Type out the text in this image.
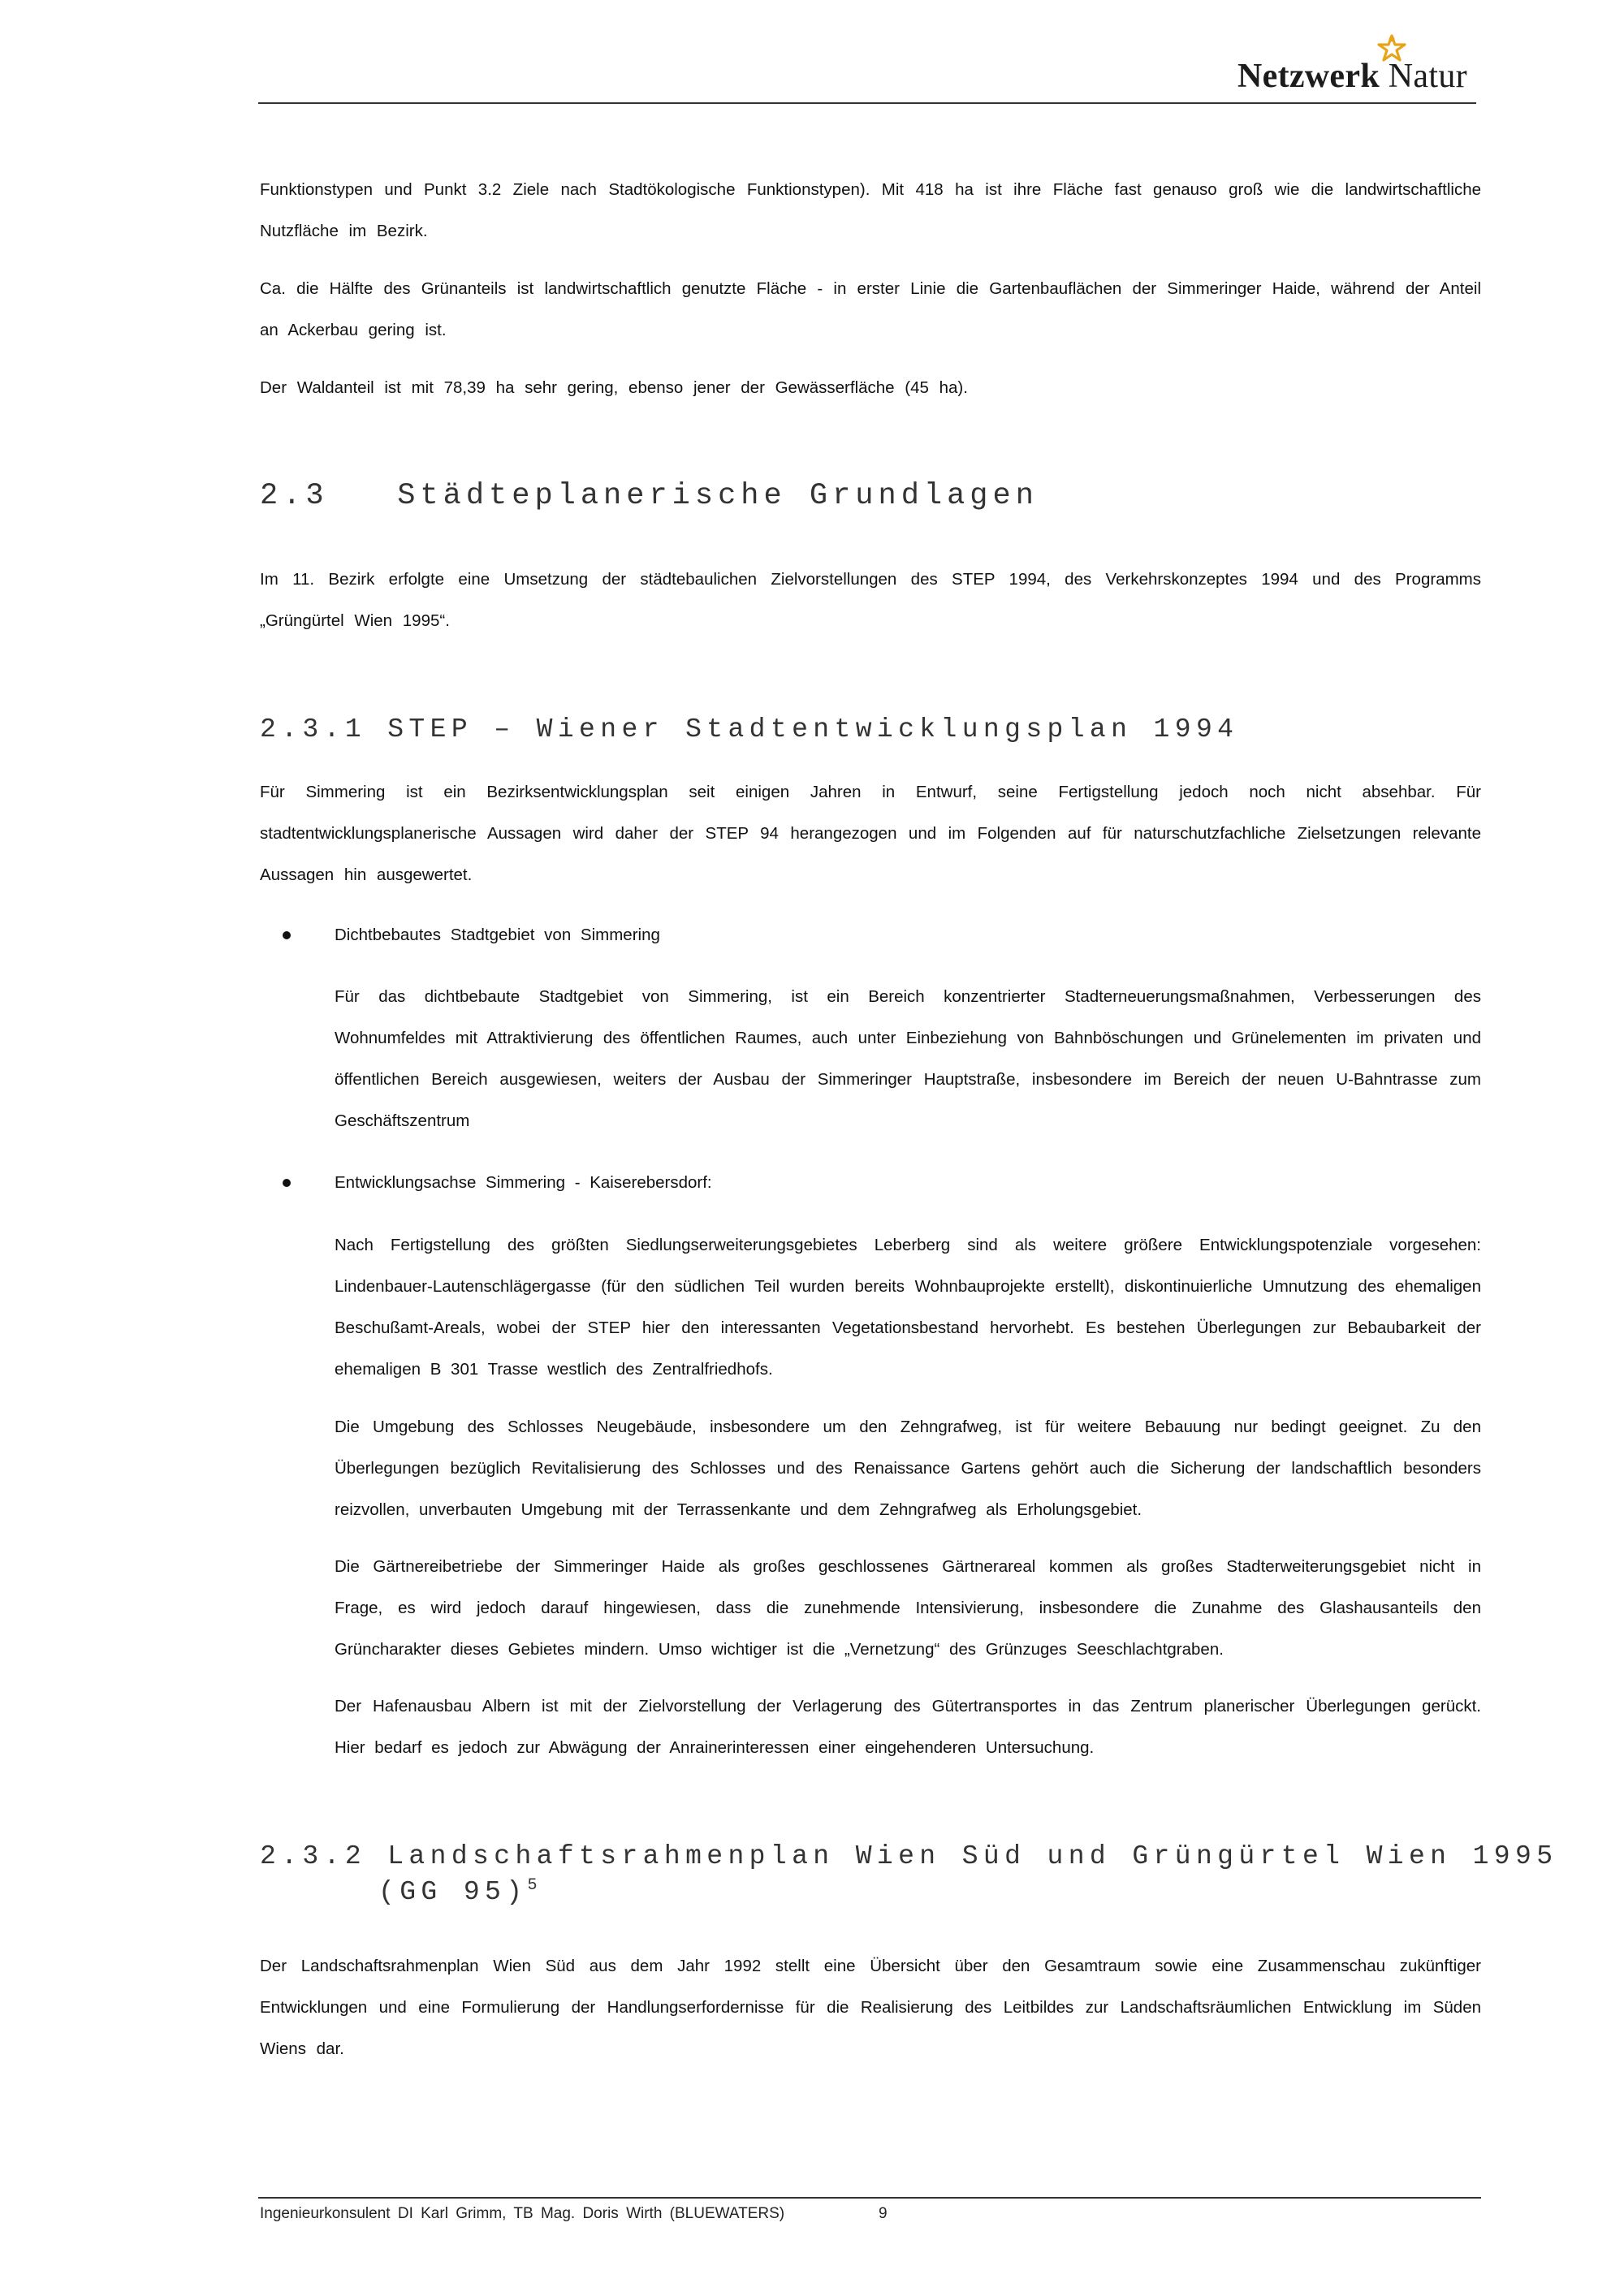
Netzwerk Natur
Funktionstypen und Punkt 3.2 Ziele nach Stadtökologische Funktionstypen). Mit 418 ha ist ihre Fläche fast genauso groß wie die landwirtschaftliche Nutzfläche im Bezirk.
Ca. die Hälfte des Grünanteils ist landwirtschaftlich genutzte Fläche - in erster Linie die Gartenbauflächen der Simmeringer Haide, während der Anteil an Ackerbau gering ist.
Der Waldanteil ist mit 78,39 ha sehr gering, ebenso jener der Gewässerfläche (45 ha).
2.3   Städteplanerische Grundlagen
Im 11. Bezirk erfolgte eine Umsetzung der städtebaulichen Zielvorstellungen des STEP 1994, des Verkehrskonzeptes 1994 und des Programms „Grüngürtel Wien 1995“.
2.3.1 STEP – Wiener Stadtentwicklungsplan 1994
Für Simmering ist ein Bezirksentwicklungsplan seit einigen Jahren in Entwurf, seine Fertigstellung jedoch noch nicht absehbar. Für stadtentwicklungsplanerische Aussagen wird daher der STEP 94 herangezogen und im Folgenden auf für naturschutzfachliche Zielsetzungen relevante Aussagen hin ausgewertet.
Dichtbebautes Stadtgebiet von Simmering
Für das dichtbebaute Stadtgebiet von Simmering, ist ein Bereich konzentrierter Stadterneuerungsmaßnahmen, Verbesserungen des Wohnumfeldes mit Attraktivierung des öffentlichen Raumes, auch unter Einbeziehung von Bahnböschungen und Grünelementen im privaten und öffentlichen Bereich ausgewiesen, weiters der Ausbau der Simmeringer Hauptstraße, insbesondere im Bereich der neuen U-Bahntrasse zum Geschäftszentrum
Entwicklungsachse Simmering - Kaiserebersdorf:
Nach Fertigstellung des größten Siedlungserweiterungsgebietes Leberberg sind als weitere größere Entwicklungspotenziale vorgesehen: Lindenbauer-Lautenschlägergasse (für den südlichen Teil wurden bereits Wohnbauprojekte erstellt), diskontinuierliche Umnutzung des ehemaligen Beschußamt-Areals, wobei der STEP hier den interessanten Vegetationsbestand hervorhebt. Es bestehen Überlegungen zur Bebaubarkeit der ehemaligen B 301 Trasse westlich des Zentralfriedhofs.
Die Umgebung des Schlosses Neugebäude, insbesondere um den Zehngrafweg, ist für weitere Bebauung nur bedingt geeignet. Zu den Überlegungen bezüglich Revitalisierung des Schlosses und des Renaissance Gartens gehört auch die Sicherung der landschaftlich besonders reizvollen, unverbauten Umgebung mit der Terrassenkante und dem Zehngrafweg als Erholungsgebiet.
Die Gärtnereibetriebe der Simmeringer Haide als großes geschlossenes Gärtnerareal kommen als großes Stadterweiterungsgebiet nicht in Frage, es wird jedoch darauf hingewiesen, dass die zunehmende Intensivierung, insbesondere die Zunahme des Glashausanteils den Grüncharakter dieses Gebietes mindern. Umso wichtiger ist die „Vernetzung“ des Grünzuges Seeschlachtgraben.
Der Hafenausbau Albern ist mit der Zielvorstellung der Verlagerung des Gütertransportes in das Zentrum planerischer Überlegungen gerückt. Hier bedarf es jedoch zur Abwägung der Anrainerinteressen einer eingehenderen Untersuchung.
2.3.2 Landschaftsrahmenplan Wien Süd und Grüngürtel Wien 1995
(GG 95)$^5$
Der Landschaftsrahmenplan Wien Süd aus dem Jahr 1992 stellt eine Übersicht über den Gesamtraum sowie eine Zusammenschau zukünftiger Entwicklungen und eine Formulierung der Handlungserfordernisse für die Realisierung des Leitbildes zur Landschaftsräumlichen Entwicklung im Süden Wiens dar.
Ingenieurkonsulent DI Karl Grimm, TB Mag. Doris Wirth (BLUEWATERS)	9
